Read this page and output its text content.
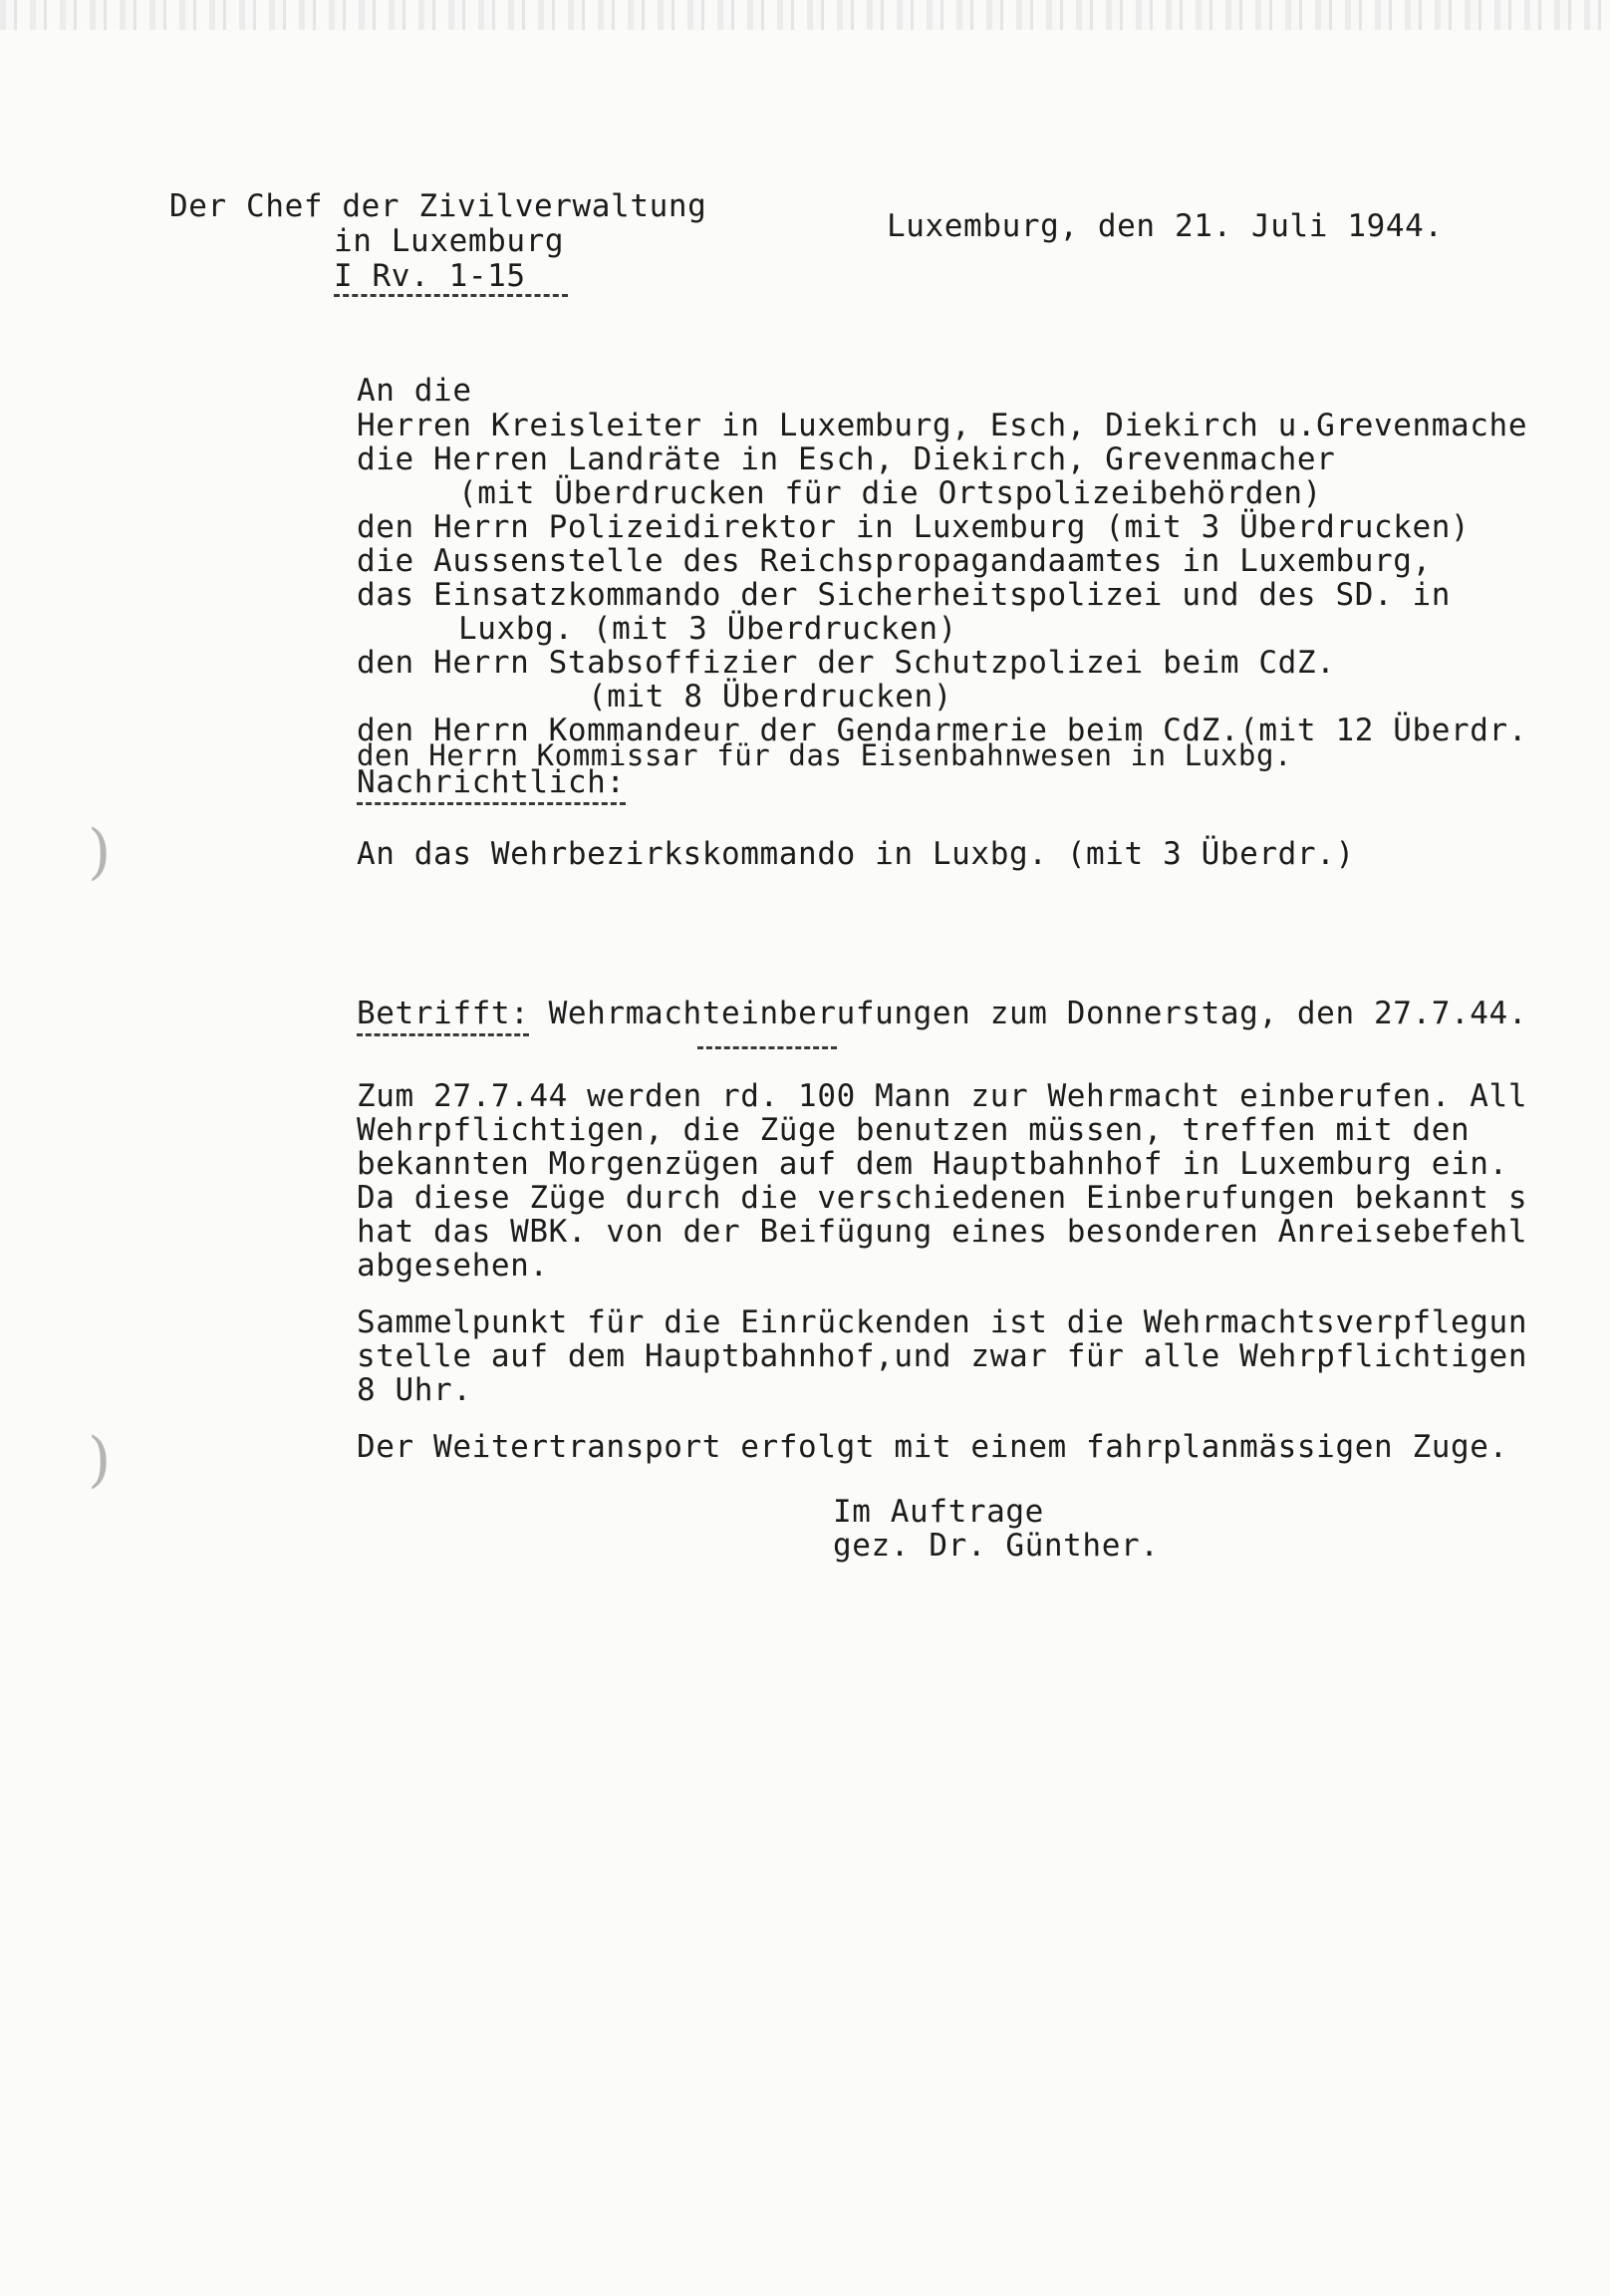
Der Chef der Zivilverwaltung
in Luxemburg
I Rv. 1-15
Luxemburg, den 21. Juli 1944.
An die
Herren Kreisleiter in Luxemburg, Esch, Diekirch u.Grevenmache
die Herren Landräte in Esch, Diekirch, Grevenmacher
(mit Überdrucken für die Ortspolizeibehörden)
den Herrn Polizeidirektor in Luxemburg (mit 3 Überdrucken)
die Aussenstelle des Reichspropagandaamtes in Luxemburg,
das Einsatzkommando der Sicherheitspolizei und des SD. in
Luxbg. (mit 3 Überdrucken)
den Herrn Stabsoffizier der Schutzpolizei beim CdZ.
(mit 8 Überdrucken)
den Herrn Kommandeur der Gendarmerie beim CdZ.(mit 12 Überdr.
den Herrn Kommissar für das Eisenbahnwesen in Luxbg.
Nachrichtlich:
An das Wehrbezirkskommando in Luxbg. (mit 3 Überdr.)
Betrifft: Wehrmachteinberufungen zum Donnerstag, den 27.7.44.
Zum 27.7.44 werden rd. 100 Mann zur Wehrmacht einberufen. All
Wehrpflichtigen, die Züge benutzen müssen, treffen mit den
bekannten Morgenzügen auf dem Hauptbahnhof in Luxemburg ein.
Da diese Züge durch die verschiedenen Einberufungen bekannt s
hat das WBK. von der Beifügung eines besonderen Anreisebefehl
abgesehen.
Sammelpunkt für die Einrückenden ist die Wehrmachtsverpflegun
stelle auf dem Hauptbahnhof,und zwar für alle Wehrpflichtigen
8 Uhr.
Der Weitertransport erfolgt mit einem fahrplanmässigen Zuge.
Im Auftrage
gez. Dr. Günther.
)
)
